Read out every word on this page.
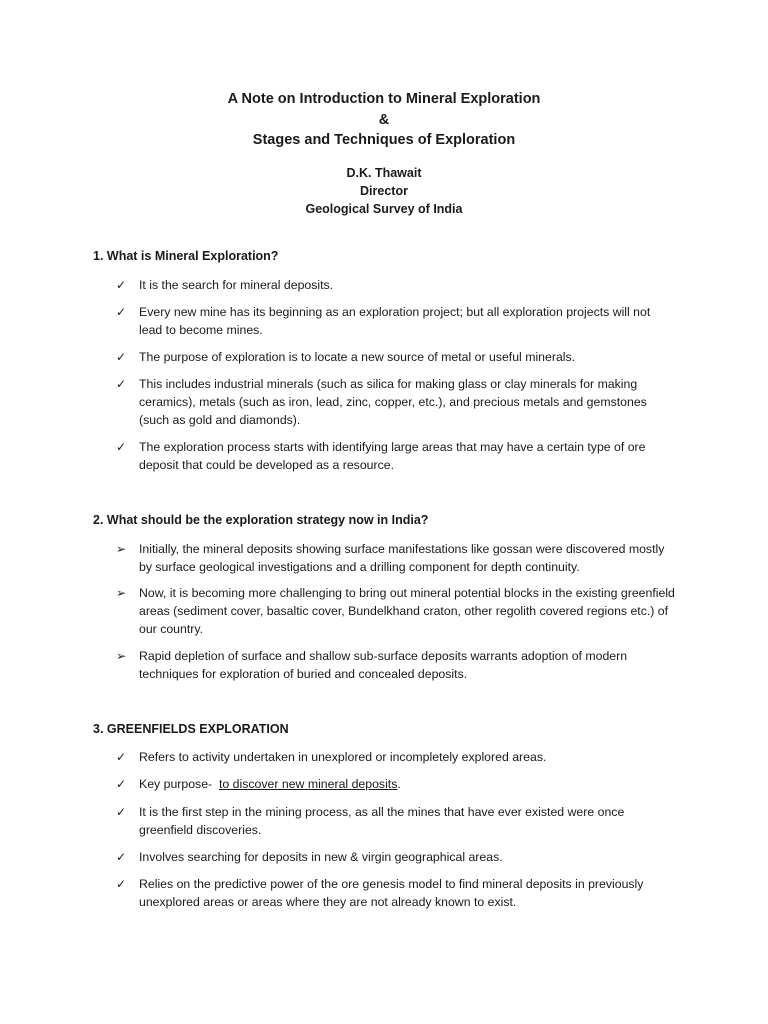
A Note on Introduction to Mineral Exploration
&
Stages and Techniques of Exploration
D.K. Thawait
Director
Geological Survey of India
1. What is Mineral Exploration?
✓	It is the search for mineral deposits.
✓	Every new mine has its beginning as an exploration project; but all exploration projects will not lead to become mines.
✓	The purpose of exploration is to locate a new source of metal or useful minerals.
✓	This includes industrial minerals (such as silica for making glass or clay minerals for making ceramics), metals (such as iron, lead, zinc, copper, etc.), and precious metals and gemstones (such as gold and diamonds).
✓	The exploration process starts with identifying large areas that may have a certain type of ore deposit that could be developed as a resource.
2. What should be the exploration strategy now in India?
➢	Initially, the mineral deposits showing surface manifestations like gossan were discovered mostly by surface geological investigations and a drilling component for depth continuity.
➢	Now, it is becoming more challenging to bring out mineral potential blocks in the existing greenfield areas (sediment cover, basaltic cover, Bundelkhand craton, other regolith covered regions etc.) of our country.
➢	Rapid depletion of surface and shallow sub-surface deposits warrants adoption of modern techniques for exploration of buried and concealed deposits.
3. GREENFIELDS EXPLORATION
✓	Refers to activity undertaken in unexplored or incompletely explored areas.
✓	Key purpose-  to discover new mineral deposits.
✓	It is the first step in the mining process, as all the mines that have ever existed were once greenfield discoveries.
✓	Involves searching for deposits in new & virgin geographical areas.
✓	Relies on the predictive power of the ore genesis model to find mineral deposits in previously unexplored areas or areas where they are not already known to exist.
